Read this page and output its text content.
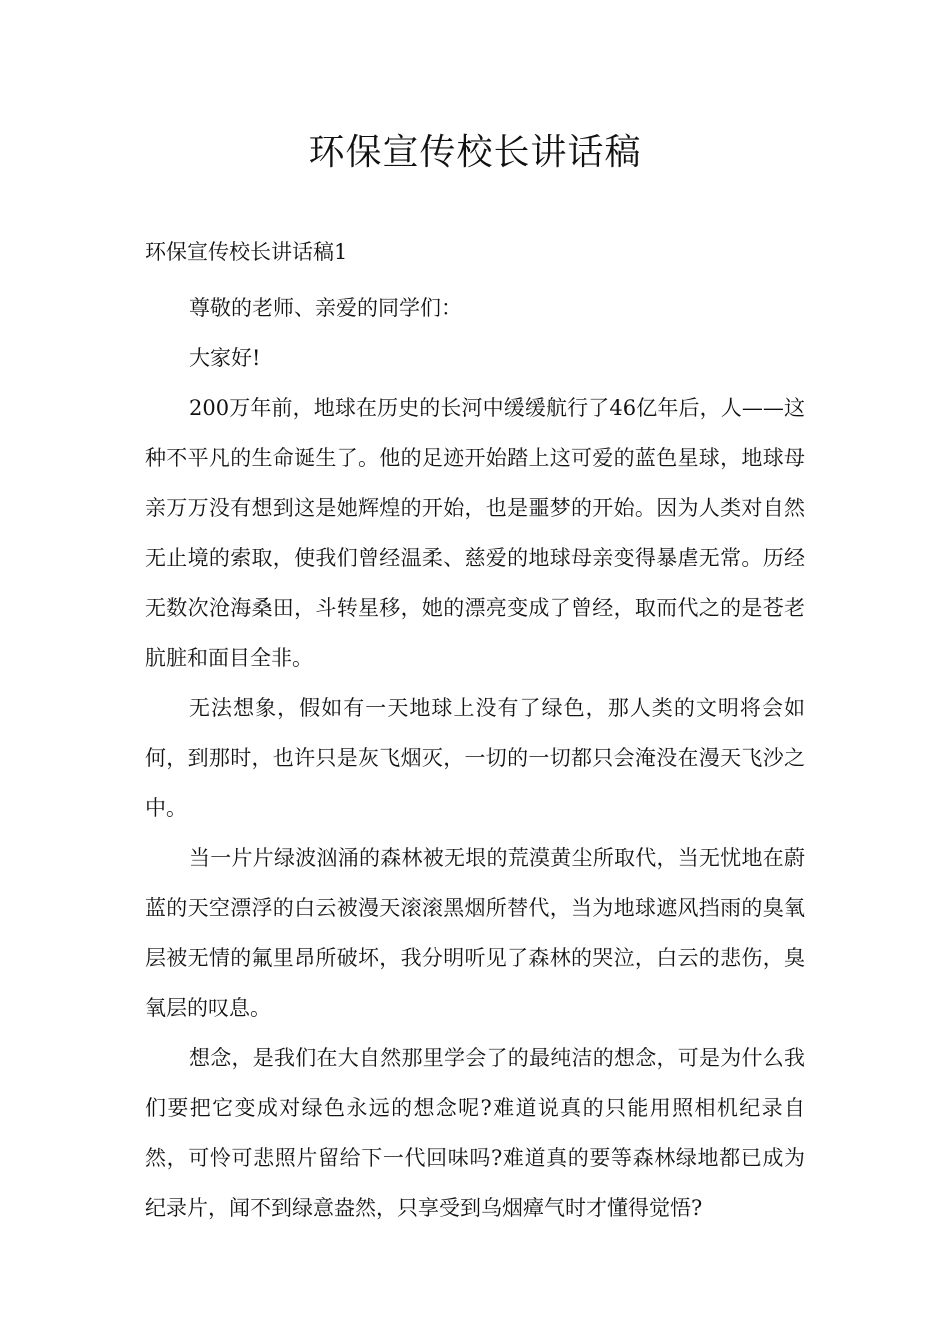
环保宣传校长讲话稿

环保宣传校长讲话稿1

尊敬的老师、亲爱的同学们：

大家好!

200万年前，地球在历史的长河中缓缓航行了46亿年后，人——这种不平凡的生命诞生了。他的足迹开始踏上这可爱的蓝色星球，地球母亲万万没有想到这是她辉煌的开始，也是噩梦的开始。因为人类对自然无止境的索取，使我们曾经温柔、慈爱的地球母亲变得暴虐无常。历经无数次沧海桑田，斗转星移，她的漂亮变成了曾经，取而代之的是苍老肮脏和面目全非。

无法想象，假如有一天地球上没有了绿色，那人类的文明将会如何，到那时，也许只是灰飞烟灭，一切的一切都只会淹没在漫天飞沙之中。

当一片片绿波汹涌的森林被无垠的荒漠黄尘所取代，当无忧地在蔚蓝的天空漂浮的白云被漫天滚滚黑烟所替代，当为地球遮风挡雨的臭氧层被无情的氟里昂所破坏，我分明听见了森林的哭泣，白云的悲伤，臭氧层的叹息。

想念，是我们在大自然那里学会了的最纯洁的想念，可是为什么我们要把它变成对绿色永远的想念呢?难道说真的只能用照相机纪录自然，可怜可悲照片留给下一代回味吗?难道真的要等森林绿地都已成为纪录片，闻不到绿意盎然，只享受到乌烟瘴气时才懂得觉悟?
